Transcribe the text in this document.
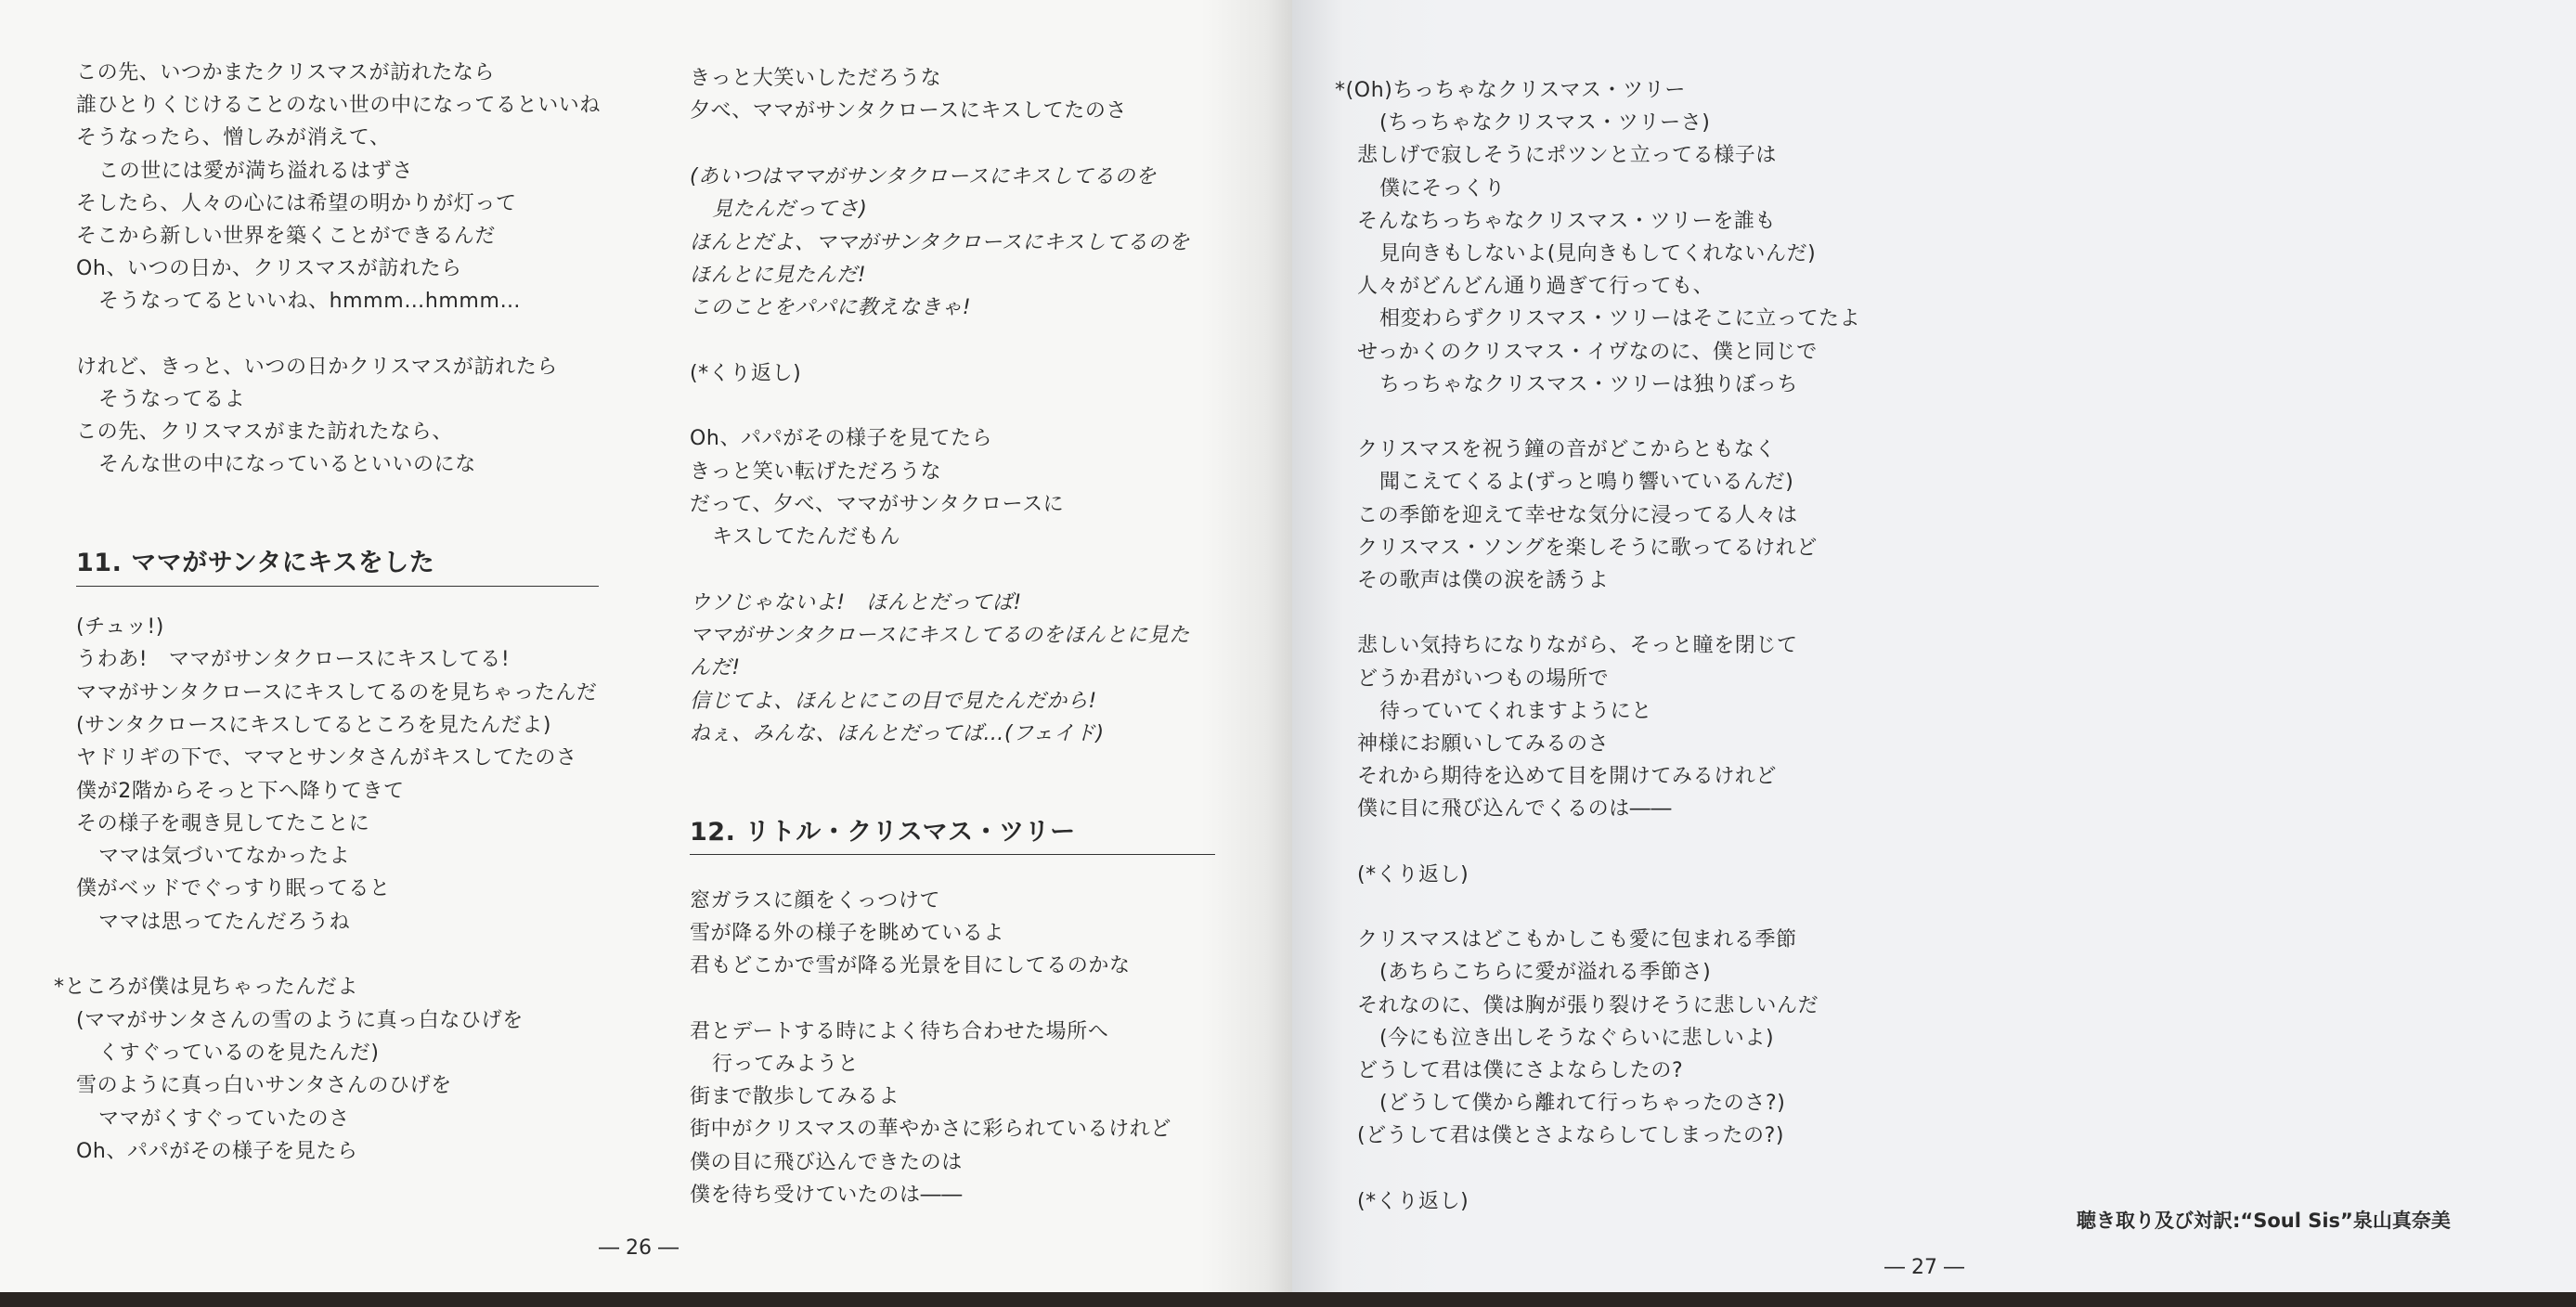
この先、いつかまたクリスマスが訪れたなら
誰ひとりくじけることのない世の中になってるといいね
そうなったら、憎しみが消えて、
この世には愛が満ち溢れるはずさ
そしたら、人々の心には希望の明かりが灯って
そこから新しい世界を築くことができるんだ
Oh、いつの日か、クリスマスが訪れたら
そうなってるといいね、hmmm…hmmm…
けれど、きっと、いつの日かクリスマスが訪れたら
そうなってるよ
この先、クリスマスがまた訪れたなら、
そんな世の中になっているといいのにな
11. ママがサンタにキスをした
(チュッ!)
うわあ!　ママがサンタクロースにキスしてる!
ママがサンタクロースにキスしてるのを見ちゃったんだ
(サンタクロースにキスしてるところを見たんだよ)
ヤドリギの下で、ママとサンタさんがキスしてたのさ
僕が2階からそっと下へ降りてきて
その様子を覗き見してたことに
ママは気づいてなかったよ
僕がベッドでぐっすり眠ってると
ママは思ってたんだろうね
*ところが僕は見ちゃったんだよ
(ママがサンタさんの雪のように真っ白なひげを
くすぐっているのを見たんだ)
雪のように真っ白いサンタさんのひげを
ママがくすぐっていたのさ
Oh、パパがその様子を見たら
きっと大笑いしただろうな
夕べ、ママがサンタクロースにキスしてたのさ
(あいつはママがサンタクロースにキスしてるのを
見たんだってさ)
ほんとだよ、ママがサンタクロースにキスしてるのを
ほんとに見たんだ!
このことをパパに教えなきゃ!
(*くり返し)
Oh、パパがその様子を見てたら
きっと笑い転げただろうな
だって、夕べ、ママがサンタクロースに
キスしてたんだもん
ウソじゃないよ!　ほんとだってば!
ママがサンタクロースにキスしてるのをほんとに見た
んだ!
信じてよ、ほんとにこの目で見たんだから!
ねぇ、みんな、ほんとだってば…(フェイド)
12. リトル・クリスマス・ツリー
窓ガラスに顔をくっつけて
雪が降る外の様子を眺めているよ
君もどこかで雪が降る光景を目にしてるのかな
君とデートする時によく待ち合わせた場所へ
行ってみようと
街まで散歩してみるよ
街中がクリスマスの華やかさに彩られているけれど
僕の目に飛び込んできたのは
僕を待ち受けていたのは――
― 26 ―
*(Oh)ちっちゃなクリスマス・ツリー
(ちっちゃなクリスマス・ツリーさ)
悲しげで寂しそうにポツンと立ってる様子は
僕にそっくり
そんなちっちゃなクリスマス・ツリーを誰も
見向きもしないよ(見向きもしてくれないんだ)
人々がどんどん通り過ぎて行っても、
相変わらずクリスマス・ツリーはそこに立ってたよ
せっかくのクリスマス・イヴなのに、僕と同じで
ちっちゃなクリスマス・ツリーは独りぼっち
クリスマスを祝う鐘の音がどこからともなく
聞こえてくるよ(ずっと鳴り響いているんだ)
この季節を迎えて幸せな気分に浸ってる人々は
クリスマス・ソングを楽しそうに歌ってるけれど
その歌声は僕の涙を誘うよ
悲しい気持ちになりながら、そっと瞳を閉じて
どうか君がいつもの場所で
待っていてくれますようにと
神様にお願いしてみるのさ
それから期待を込めて目を開けてみるけれど
僕に目に飛び込んでくるのは――
(*くり返し)
クリスマスはどこもかしこも愛に包まれる季節
(あちらこちらに愛が溢れる季節さ)
それなのに、僕は胸が張り裂けそうに悲しいんだ
(今にも泣き出しそうなぐらいに悲しいよ)
どうして君は僕にさよならしたの?
(どうして僕から離れて行っちゃったのさ?)
(どうして君は僕とさよならしてしまったの?)
(*くり返し)
聴き取り及び対訳:“Soul Sis”泉山真奈美
― 27 ―
